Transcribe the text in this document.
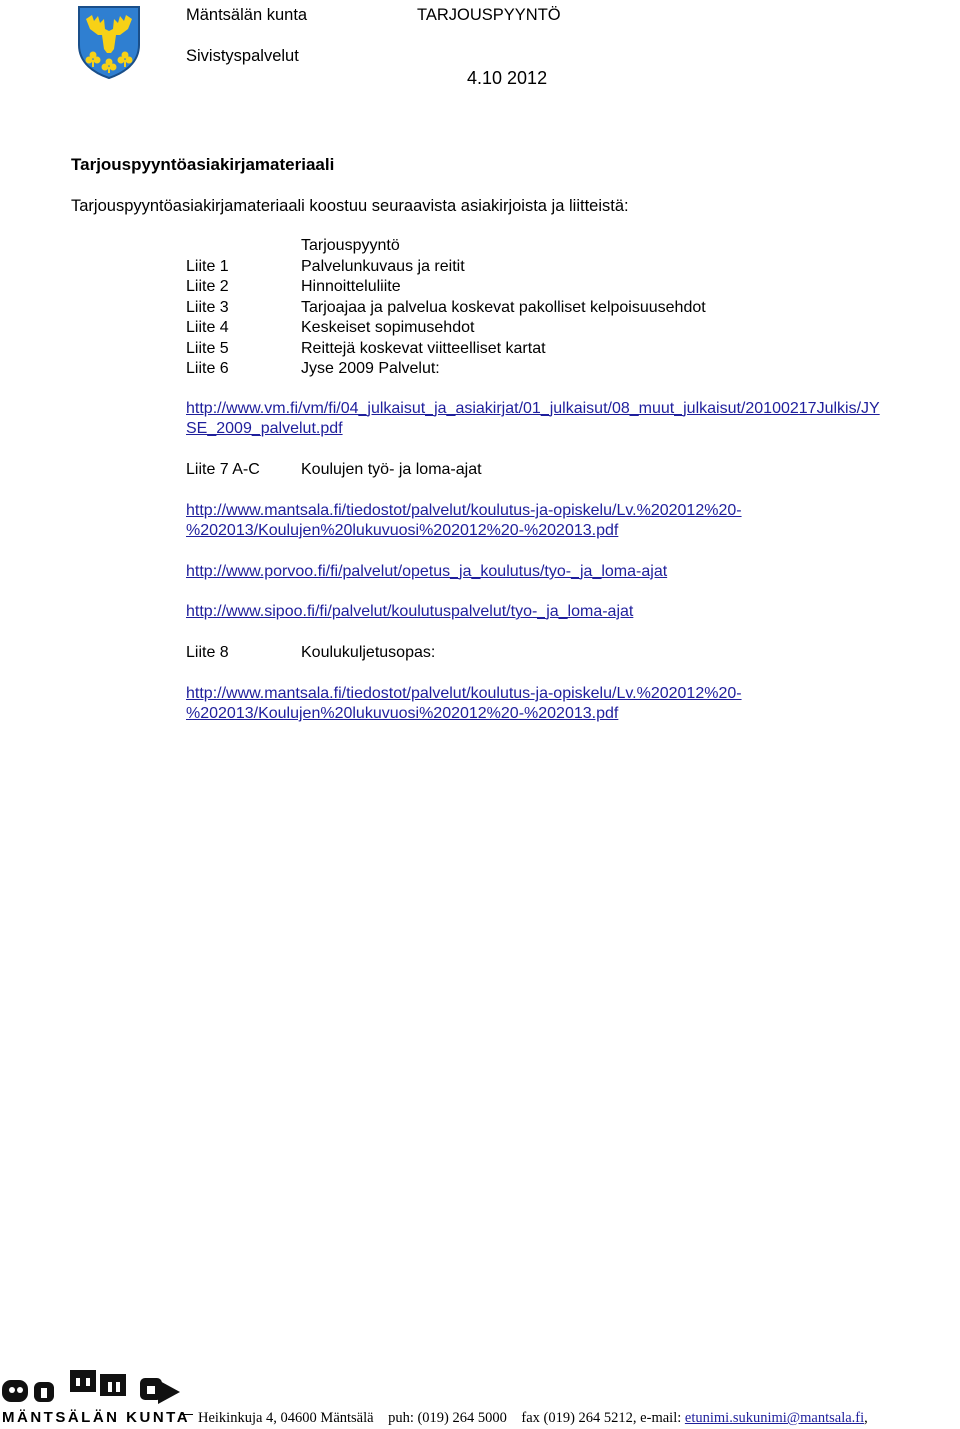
Mäntsälän kunta	TARJOUSPYYNTÖ
Sivistyspalvelut
4.10 2012
Tarjouspyyntöasiakirjamateriaali
Tarjouspyyntöasiakirjamateriaali koostuu seuraavista asiakirjoista ja liitteistä:
Tarjouspyyntö
Liite 1	Palvelunkuvaus ja reitit
Liite 2	Hinnoitteluliite
Liite 3	Tarjoajaa ja palvelua koskevat pakolliset kelpoisuusehdot
Liite 4	Keskeiset sopimusehdot
Liite 5	Reittejä koskevat viitteelliset kartat
Liite 6	Jyse 2009 Palvelut:
http://www.vm.fi/vm/fi/04_julkaisut_ja_asiakirjat/01_julkaisut/08_muut_julkaisut/20100217Julkis/JY
SE_2009_palvelut.pdf
Liite 7 A-C	Koulujen työ- ja loma-ajat
http://www.mantsala.fi/tiedostot/palvelut/koulutus-ja-opiskelu/Lv.%202012%20-
%202013/Koulujen%20lukuvuosi%202012%20-%202013.pdf
http://www.porvoo.fi/fi/palvelut/opetus_ja_koulutus/tyo-_ja_loma-ajat
http://www.sipoo.fi/fi/palvelut/koulutuspalvelut/tyo-_ja_loma-ajat
Liite 8	Koulukuljetusopas:
http://www.mantsala.fi/tiedostot/palvelut/koulutus-ja-opiskelu/Lv.%202012%20-
%202013/Koulujen%20lukuvuosi%202012%20-%202013.pdf
MÄNTSÄLÄN KUNTA Heikinkuja 4, 04600 Mäntsälä    puh: (019) 264 5000    fax (019) 264 5212, e-mail: etunimi.sukunimi@mantsala.fi,
